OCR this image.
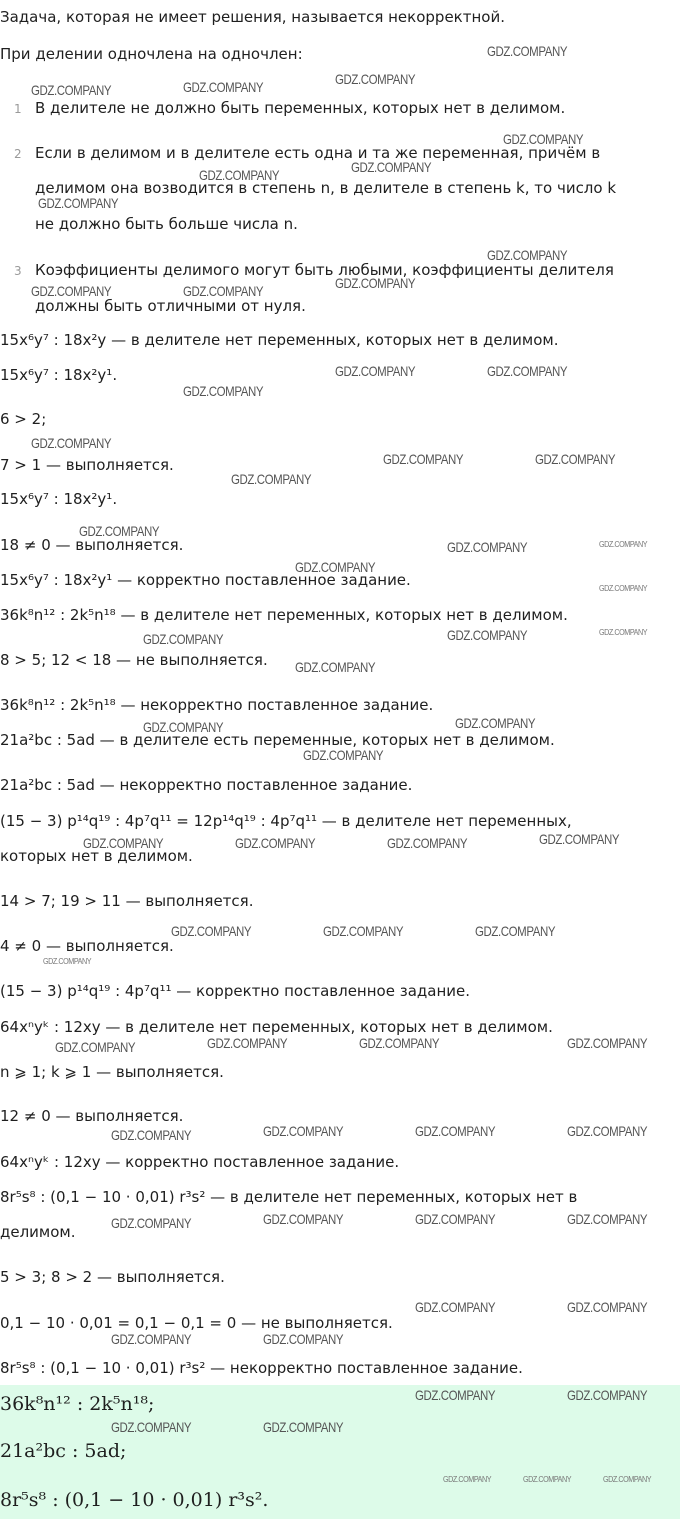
Задача, которая не имеет решения, называется некорректной.
При делении одночлена на одночлен:
1 В делителе не должно быть переменных, которых нет в делимом.
2 Если в делимом и в делителе есть одна и та же переменная, причём в
делимом она возводится в степень n, в делителе в степень k, то число k
не должно быть больше числа n.
3 Коэффициенты делимого могут быть любыми, коэффициенты делителя
должны быть отличными от нуля.
15x⁶y⁷ : 18x²y — в делителе нет переменных, которых нет в делимом.
15x⁶y⁷ : 18x²y¹.
6 > 2;
7 > 1 — выполняется.
15x⁶y⁷ : 18x²y¹.
18 ≠ 0 — выполняется.
15x⁶y⁷ : 18x²y¹ — корректно поставленное задание.
36k⁸n¹² : 2k⁵n¹⁸ — в делителе нет переменных, которых нет в делимом.
8 > 5; 12 < 18 — не выполняется.
36k⁸n¹² : 2k⁵n¹⁸ — некорректно поставленное задание.
21a²bc : 5ad — в делителе есть переменные, которых нет в делимом.
21a²bc : 5ad — некорректно поставленное задание.
(15 − 3) p¹⁴q¹⁹ : 4p⁷q¹¹ = 12p¹⁴q¹⁹ : 4p⁷q¹¹ — в делителе нет переменных,
которых нет в делимом.
14 > 7; 19 > 11 — выполняется.
4 ≠ 0 — выполняется.
(15 − 3) p¹⁴q¹⁹ : 4p⁷q¹¹ — корректно поставленное задание.
64xⁿyᵏ : 12xy — в делителе нет переменных, которых нет в делимом.
n ⩾ 1; k ⩾ 1 — выполняется.
12 ≠ 0 — выполняется.
64xⁿyᵏ : 12xy — корректно поставленное задание.
8r⁵s⁸ : (0,1 − 10 · 0,01) r³s² — в делителе нет переменных, которых нет в
делимом.
5 > 3; 8 > 2 — выполняется.
0,1 − 10 · 0,01 = 0,1 − 0,1 = 0 — не выполняется.
8r⁵s⁸ : (0,1 − 10 · 0,01) r³s² — некорректно поставленное задание.
36k⁸n¹² : 2k⁵n¹⁸;
21a²bc : 5ad;
8r⁵s⁸ : (0,1 − 10 · 0,01) r³s².
GDZ.COMPANY
GDZ.COMPANY
GDZ.COMPANY	GDZ.COMPANY
GDZ.COMPANY
GDZ.COMPANY
GDZ.COMPANY
GDZ.COMPANY
GDZ.COMPANY
GDZ.COMPANY
GDZ.COMPANY	GDZ.COMPANY
GDZ.COMPANY	GDZ.COMPANY
GDZ.COMPANY
GDZ.COMPANY
GDZ.COMPANY	GDZ.COMPANY
GDZ.COMPANY
GDZ.COMPANY
GDZ.COMPANY	GDZ.COMPANY
GDZ.COMPANY
GDZ.COMPANY
GDZ.COMPANY	GDZ.COMPANY	GDZ.COMPANY
GDZ.COMPANY
GDZ.COMPANY	GDZ.COMPANY
GDZ.COMPANY
GDZ.COMPANY	GDZ.COMPANY	GDZ.COMPANY	GDZ.COMPANY
GDZ.COMPANY	GDZ.COMPANY	GDZ.COMPANY
GDZ.COMPANY
GDZ.COMPANY	GDZ.COMPANY	GDZ.COMPANY	GDZ.COMPANY
GDZ.COMPANY	GDZ.COMPANY	GDZ.COMPANY	GDZ.COMPANY
GDZ.COMPANY	GDZ.COMPANY	GDZ.COMPANY	GDZ.COMPANY
GDZ.COMPANY	GDZ.COMPANY
GDZ.COMPANY	GDZ.COMPANY
GDZ.COMPANY	GDZ.COMPANY
GDZ.COMPANY	GDZ.COMPANY
GDZ.COMPANY	GDZ.COMPANY	GDZ.COMPANY
